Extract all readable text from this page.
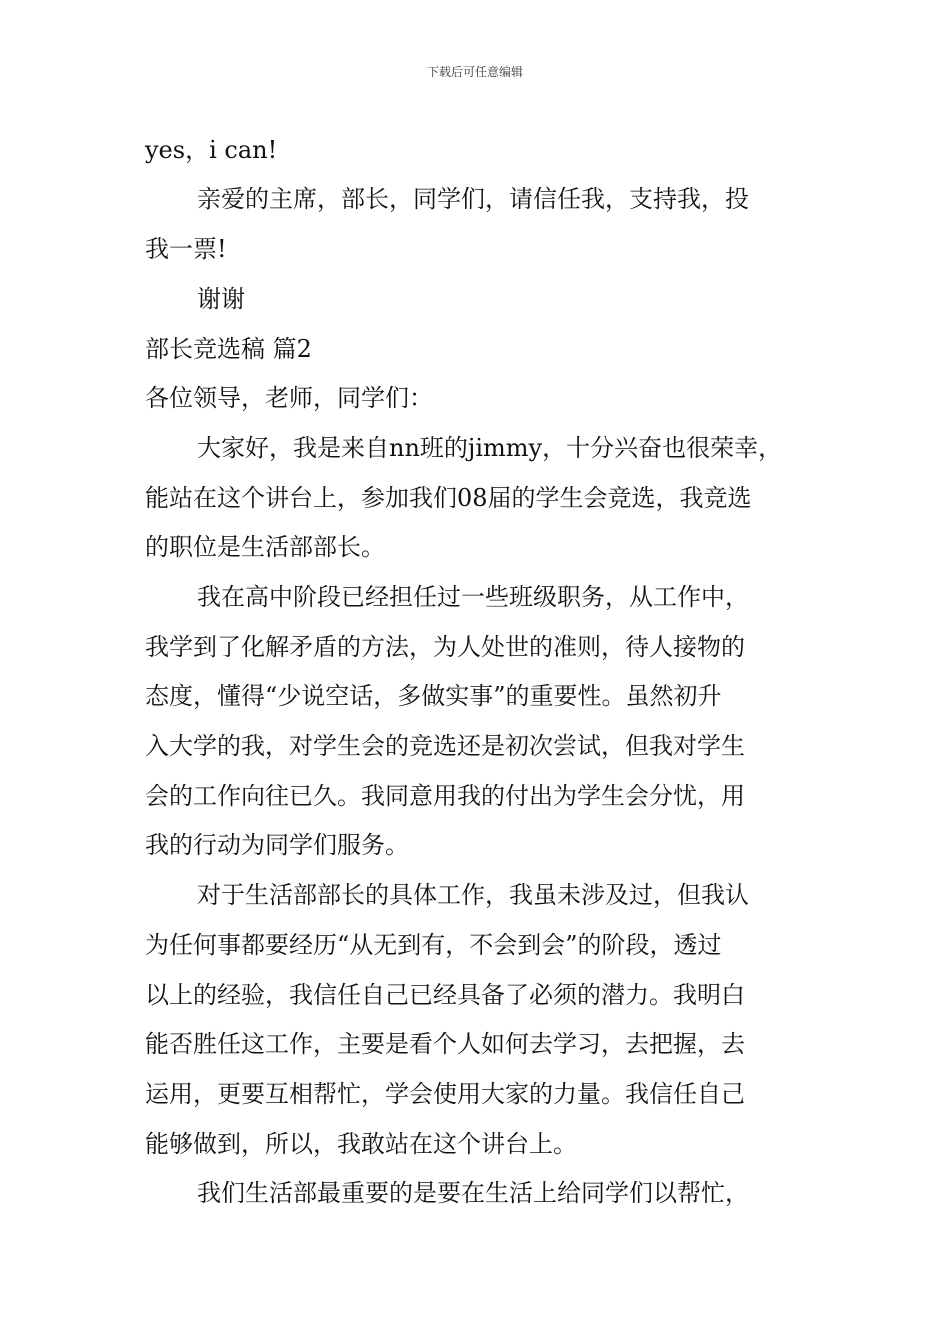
下载后可任意编辑
yes，i can!
亲爱的主席，部长，同学们，请信任我，支持我，投
我一票!
谢谢
部长竞选稿 篇2
各位领导，老师，同学们：
大家好，我是来自nn班的jimmy，十分兴奋也很荣幸，
能站在这个讲台上，参加我们08届的学生会竞选，我竞选
的职位是生活部部长。
我在高中阶段已经担任过一些班级职务，从工作中，
我学到了化解矛盾的方法，为人处世的准则，待人接物的
态度，懂得“少说空话，多做实事”的重要性。虽然初升
入大学的我，对学生会的竞选还是初次尝试，但我对学生
会的工作向往已久。我同意用我的付出为学生会分忧，用
我的行动为同学们服务。
对于生活部部长的具体工作，我虽未涉及过，但我认
为任何事都要经历“从无到有，不会到会”的阶段，透过
以上的经验，我信任自己已经具备了必须的潜力。我明白
能否胜任这工作，主要是看个人如何去学习，去把握，去
运用，更要互相帮忙，学会使用大家的力量。我信任自己
能够做到，所以，我敢站在这个讲台上。
我们生活部最重要的是要在生活上给同学们以帮忙，
